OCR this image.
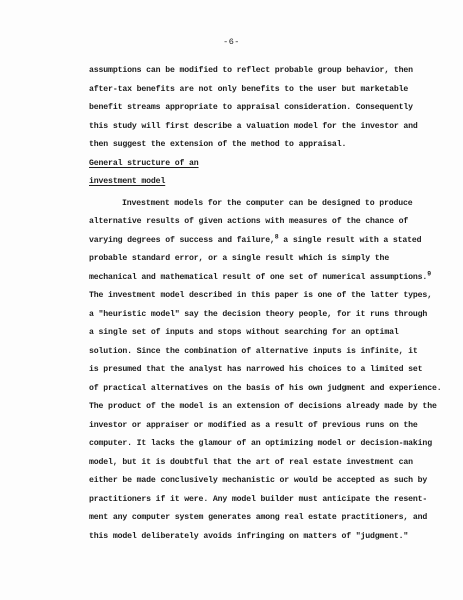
-6-
assumptions can be modified to reflect probable group behavior, then
after-tax benefits are not only benefits to the user but marketable
benefit streams appropriate to appraisal consideration. Consequently
this study will first describe a valuation model for the investor and
then suggest the extension of the method to appraisal.
General structure of an
investment model
Investment models for the computer can be designed to produce
alternative results of given actions with measures of the chance of
varying degrees of success and failure,$^8$ a single result with a stated
probable standard error, or a single result which is simply the
mechanical and mathematical result of one set of numerical assumptions.$^9$
The investment model described in this paper is one of the latter types,
a "heuristic model" say the decision theory people, for it runs through
a single set of inputs and stops without searching for an optimal
solution. Since the combination of alternative inputs is infinite, it
is presumed that the analyst has narrowed his choices to a limited set
of practical alternatives on the basis of his own judgment and experience.
The product of the model is an extension of decisions already made by the
investor or appraiser or modified as a result of previous runs on the
computer. It lacks the glamour of an optimizing model or decision-making
model, but it is doubtful that the art of real estate investment can
either be made conclusively mechanistic or would be accepted as such by
practitioners if it were. Any model builder must anticipate the resent-
ment any computer system generates among real estate practitioners, and
this model deliberately avoids infringing on matters of "judgment."
